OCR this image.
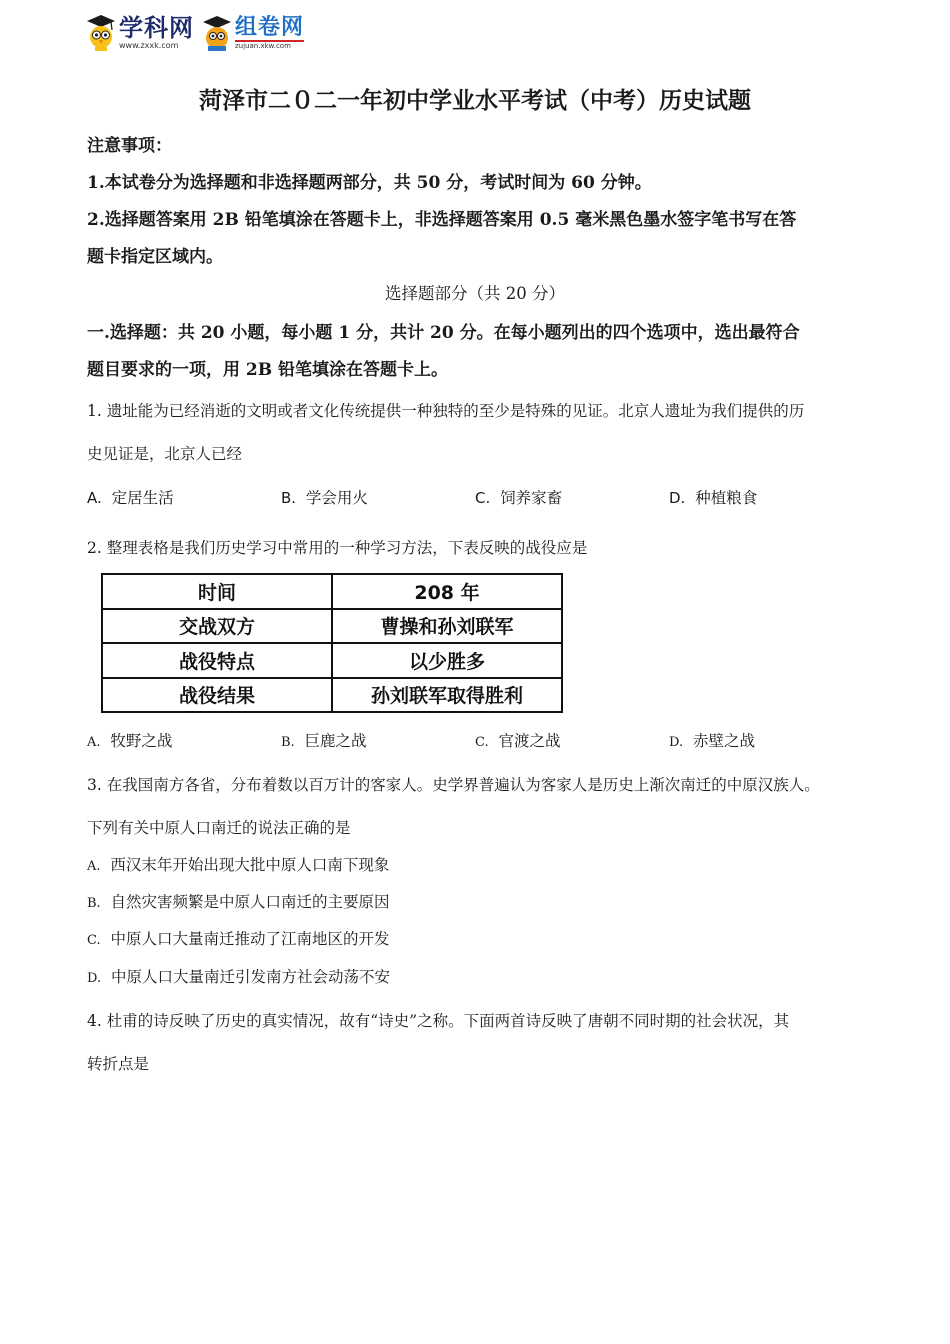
学科网
www.zxxk.com
组卷网
zujuan.xkw.com
菏泽市二０二一年初中学业水平考试（中考）历史试题
注意事项：
1.本试卷分为选择题和非选择题两部分，共 50 分，考试时间为 60 分钟。
2.选择题答案用 2B 铅笔填涂在答题卡上，非选择题答案用 0.5 毫米黑色墨水签字笔书写在答
题卡指定区域内。
选择题部分（共 20 分）
一.选择题：共 20 小题，每小题 1 分，共计 20 分。在每小题列出的四个选项中，选出最符合
题目要求的一项，用 2B 铅笔填涂在答题卡上。
1. 遗址能为已经消逝的文明或者文化传统提供一种独特的至少是特殊的见证。北京人遗址为我们提供的历
史见证是，北京人已经
A. 定居生活	B. 学会用火	C. 饲养家畜	D. 种植粮食
2. 整理表格是我们历史学习中常用的一种学习方法，下表反映的战役应是
时间	208 年
交战双方	曹操和孙刘联军
战役特点	以少胜多
战役结果	孙刘联军取得胜利
A. 牧野之战	B. 巨鹿之战	C. 官渡之战	D. 赤壁之战
3. 在我国南方各省，分布着数以百万计的客家人。史学界普遍认为客家人是历史上渐次南迁的中原汉族人。
下列有关中原人口南迁的说法正确的是
A. 西汉末年开始出现大批中原人口南下现象
B. 自然灾害频繁是中原人口南迁的主要原因
C. 中原人口大量南迁推动了江南地区的开发
D. 中原人口大量南迁引发南方社会动荡不安
4. 杜甫的诗反映了历史的真实情况，故有“诗史”之称。下面两首诗反映了唐朝不同时期的社会状况，其
转折点是
